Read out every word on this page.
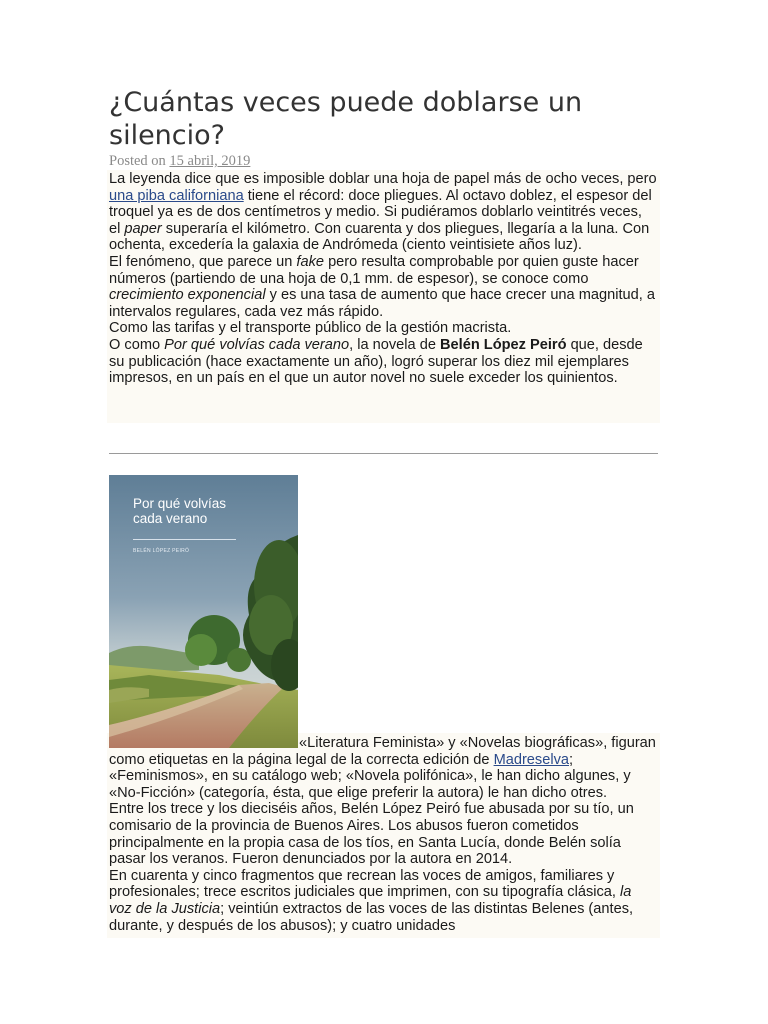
¿Cuántas veces puede doblarse un silencio?
Posted on 15 abril, 2019

La leyenda dice que es imposible doblar una hoja de papel más de ocho veces, pero una piba californiana tiene el récord: doce pliegues. Al octavo doblez, el espesor del troquel ya es de dos centímetros y medio. Si pudiéramos doblarlo veintitrés veces, el paper superaría el kilómetro. Con cuarenta y dos pliegues, llegaría a la luna. Con ochenta, excedería la galaxia de Andrómeda (ciento veintisiete años luz).

El fenómeno, que parece un fake pero resulta comprobable por quien guste hacer números (partiendo de una hoja de 0,1 mm. de espesor), se conoce como crecimiento exponencial y es una tasa de aumento que hace crecer una magnitud, a intervalos regulares, cada vez más rápido.

Como las tarifas y el transporte público de la gestión macrista.

O como Por qué volvías cada verano, la novela de Belén López Peiró que, desde su publicación (hace exactamente un año), logró superar los diez mil ejemplares impresos, en un país en el que un autor novel no suele exceder los quinientos.

Por qué volvías
cada verano
BELÉN LÓPEZ PEIRÓ

«Literatura Feminista» y «Novelas biográficas», figuran como etiquetas en la página legal de la correcta edición de Madreselva; «Feminismos», en su catálogo web; «Novela polifónica», le han dicho algunes, y «No-Ficción» (categoría, ésta, que elige preferir la autora) le han dicho otres.

Entre los trece y los dieciséis años, Belén López Peiró fue abusada por su tío, un comisario de la provincia de Buenos Aires. Los abusos fueron cometidos principalmente en la propia casa de los tíos, en Santa Lucía, donde Belén solía pasar los veranos. Fueron denunciados por la autora en 2014.

En cuarenta y cinco fragmentos que recrean las voces de amigos, familiares y profesionales; trece escritos judiciales que imprimen, con su tipografía clásica, la voz de la Justicia; veintiún extractos de las voces de las distintas Belenes (antes, durante, y después de los abusos); y cuatro unidades
